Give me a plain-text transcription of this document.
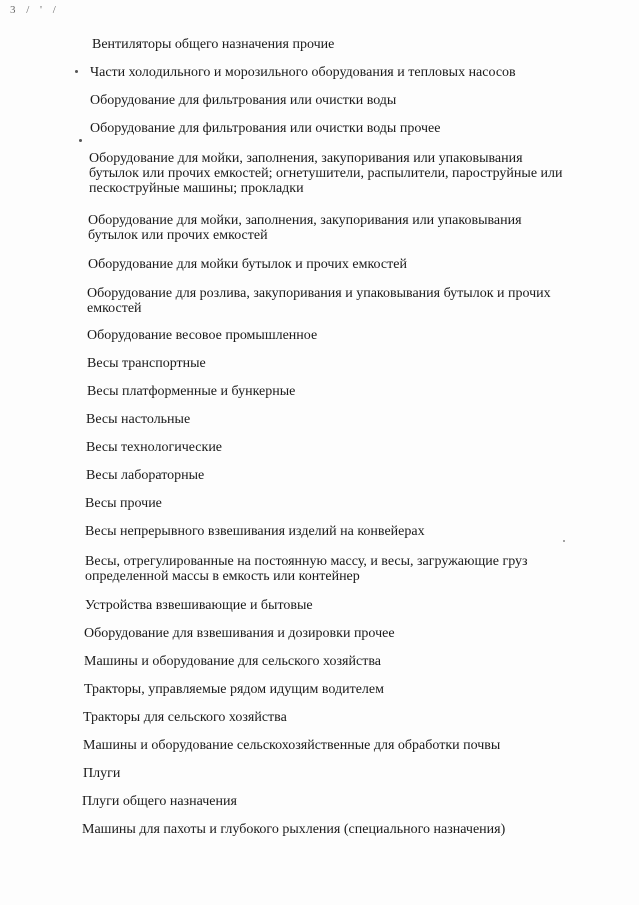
3 / ' /
Вентиляторы общего назначения прочие
Части холодильного и морозильного оборудования и тепловых насосов
Оборудование для фильтрования или очистки воды
Оборудование для фильтрования или очистки воды прочее
Оборудование для мойки, заполнения, закупоривания или упаковывания
бутылок или прочих емкостей; огнетушители, распылители, пароструйные или
пескоструйные машины; прокладки
Оборудование для мойки, заполнения, закупоривания или упаковывания
бутылок или прочих емкостей
Оборудование для мойки бутылок и прочих емкостей
Оборудование для розлива, закупоривания и упаковывания бутылок и прочих
емкостей
Оборудование весовое промышленное
Весы транспортные
Весы платформенные и бункерные
Весы настольные
Весы технологические
Весы лабораторные
Весы прочие
Весы непрерывного взвешивания изделий на конвейерах
Весы, отрегулированные на постоянную массу, и весы, загружающие груз
определенной массы в емкость или контейнер
Устройства взвешивающие и бытовые
Оборудование для взвешивания и дозировки прочее
Машины и оборудование для сельского хозяйства
Тракторы, управляемые рядом идущим водителем
Тракторы для сельского хозяйства
Машины и оборудование сельскохозяйственные для обработки почвы
Плуги
Плуги общего назначения
Машины для пахоты и глубокого рыхления (специального назначения)
